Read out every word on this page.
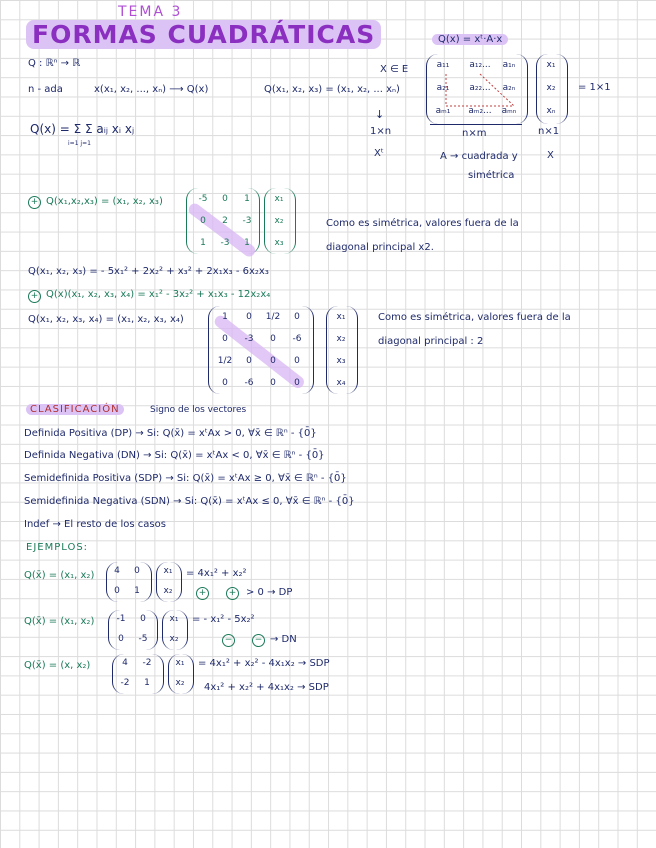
TEMA 3
FORMAS CUADRÁTICAS	Q(x) = xᵗ·A·x
Q : ℝⁿ → ℝ
X ∈ E
n - ada	x(x₁, x₂, ..., xₙ) ⟶ Q(x)	Q(x₁, x₂, x₃) = (x₁, x₂, ... xₙ)
a₁₁	a₁₂...	a₁ₙ
a₂₁	a₂₂...	a₂ₙ
aₘ₁	aₘ₂...	aₘₙ
x₁
x₂
xₙ
= 1×1
Q(x) = Σ Σ aᵢⱼ xᵢ xⱼ
i=1 j=1
↓
1×n
Xᵗ
n×m
A → cuadrada y
simétrica
n×1
X
+ Q(x₁,x₂,x₃) = (x₁, x₂, x₃)	-5	0	1
0	2	-3
1	-3	1
x₁
x₂
x₃
Como es simétrica, valores fuera de la
diagonal principal x2.
Q(x₁, x₂, x₃) = - 5x₁² + 2x₂² + x₃² + 2x₁x₃ - 6x₂x₃
+ Q(x)(x₁, x₂, x₃, x₄) = x₁² - 3x₂² + x₁x₃ - 12x₂x₄
Q(x₁, x₂, x₃, x₄) = (x₁, x₂, x₃, x₄)	1	0	1/2	0
0	-3	0	-6
1/2	0	0	0
0	-6	0	0
x₁
x₂
x₃
x₄
Como es simétrica, valores fuera de la
diagonal principal : 2
CLASIFICACIÓN	Signo de los vectores
Definida Positiva (DP) → Si: Q(x̄) = xᵗAx > 0, ∀x̄ ∈ ℝⁿ - {0̄}
Definida Negativa (DN) → Si: Q(x̄) = xᵗAx < 0, ∀x̄ ∈ ℝⁿ - {0̄}
Semidefinida Positiva (SDP) → Si: Q(x̄) = xᵗAx ≥ 0, ∀x̄ ∈ ℝⁿ - {0̄}
Semidefinida Negativa (SDN) → Si: Q(x̄) = xᵗAx ≤ 0, ∀x̄ ∈ ℝⁿ - {0̄}
Indef → El resto de los casos
EJEMPLOS:
Q(x̄) = (x₁, x₂)	4	0
0	1
x₁
x₂
= 4x₁² + x₂²
+	+ > 0 → DP
Q(x̄) = (x₁, x₂)	-1	0
0	-5
x₁
x₂
= - x₁² - 5x₂²
−	− → DN
Q(x̄) = (x, x₂)	4	-2
-2	1
x₁
x₂
= 4x₁² + x₂² - 4x₁x₂ → SDP
4x₁² + x₂² + 4x₁x₂ → SDP
